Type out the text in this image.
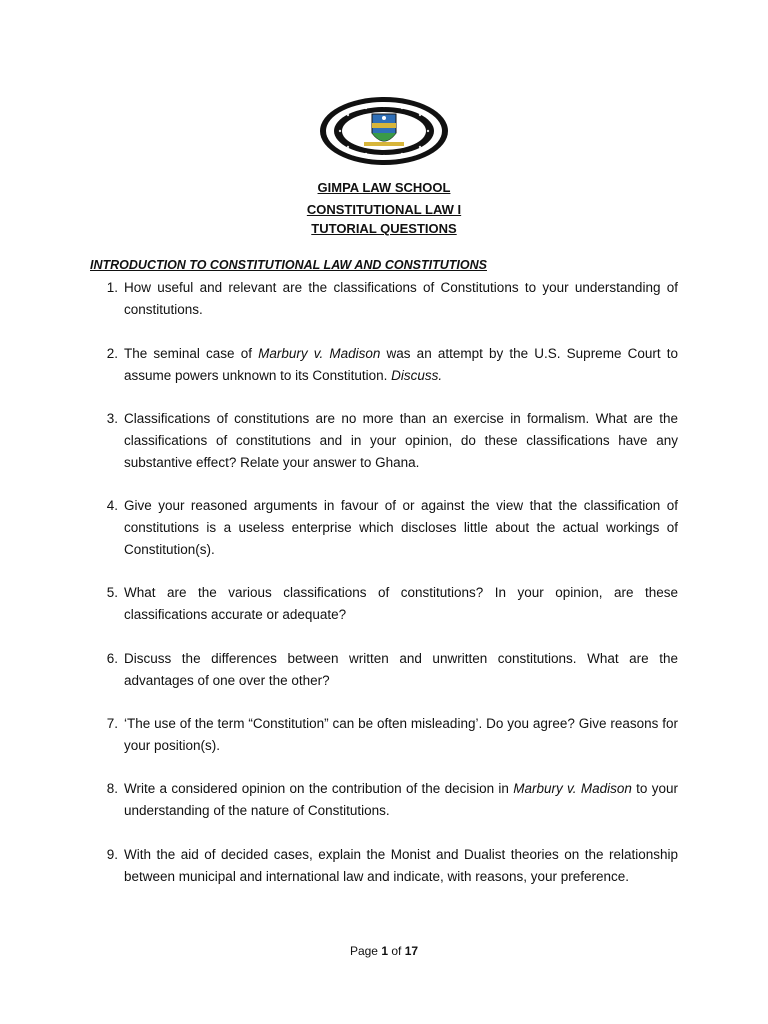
GIMPA LAW SCHOOL
CONSTITUTIONAL LAW I
TUTORIAL QUESTIONS
INTRODUCTION TO CONSTITUTIONAL LAW AND CONSTITUTIONS
1. How useful and relevant are the classifications of Constitutions to your understanding of constitutions.
2. The seminal case of Marbury v. Madison was an attempt by the U.S. Supreme Court to assume powers unknown to its Constitution. Discuss.
3. Classifications of constitutions are no more than an exercise in formalism. What are the classifications of constitutions and in your opinion, do these classifications have any substantive effect? Relate your answer to Ghana.
4. Give your reasoned arguments in favour of or against the view that the classification of constitutions is a useless enterprise which discloses little about the actual workings of Constitution(s).
5. What are the various classifications of constitutions? In your opinion, are these classifications accurate or adequate?
6. Discuss the differences between written and unwritten constitutions. What are the advantages of one over the other?
7. ‘The use of the term “Constitution” can be often misleading’. Do you agree? Give reasons for your position(s).
8. Write a considered opinion on the contribution of the decision in Marbury v. Madison to your understanding of the nature of Constitutions.
9. With the aid of decided cases, explain the Monist and Dualist theories on the relationship between municipal and international law and indicate, with reasons, your preference.
Page 1 of 17
